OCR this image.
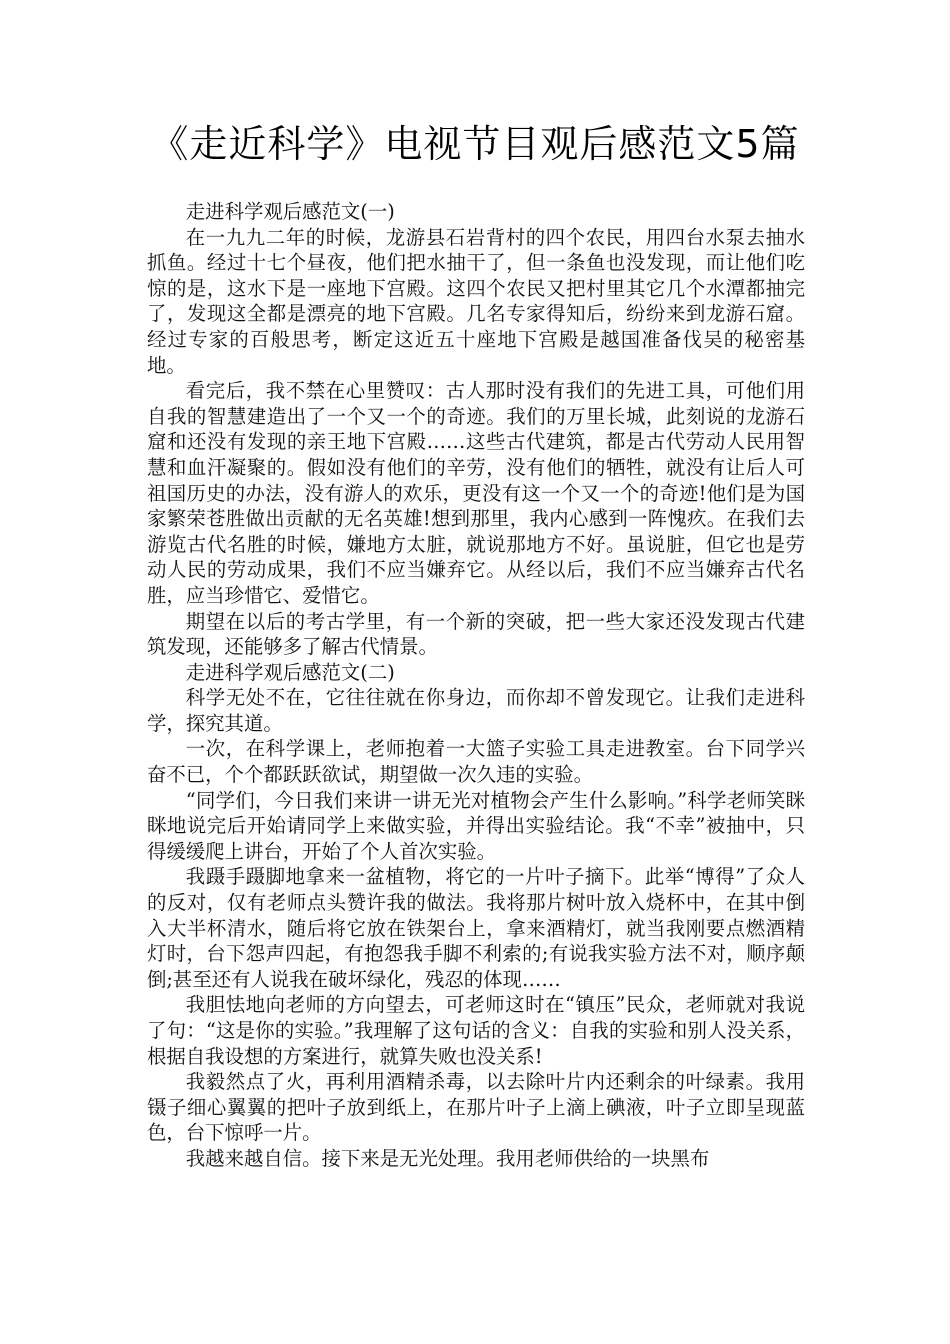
《走近科学》电视节目观后感范文5篇

走进科学观后感范文(一)

在一九九二年的时候，龙游县石岩背村的四个农民，用四台水泵去抽水抓鱼。经过十七个昼夜，他们把水抽干了，但一条鱼也没发现，而让他们吃惊的是，这水下是一座地下宫殿。这四个农民又把村里其它几个水潭都抽完了，发现这全都是漂亮的地下宫殿。几名专家得知后，纷纷来到龙游石窟。经过专家的百般思考，断定这近五十座地下宫殿是越国准备伐吴的秘密基地。

看完后，我不禁在心里赞叹：古人那时没有我们的先进工具，可他们用自我的智慧建造出了一个又一个的奇迹。我们的万里长城，此刻说的龙游石窟和还没有发现的亲王地下宫殿……这些古代建筑，都是古代劳动人民用智慧和血汗凝聚的。假如没有他们的辛劳，没有他们的牺牲，就没有让后人可祖国历史的办法，没有游人的欢乐，更没有这一个又一个的奇迹!他们是为国家繁荣苍胜做出贡献的无名英雄!想到那里，我内心感到一阵愧疚。在我们去游览古代名胜的时候，嫌地方太脏，就说那地方不好。虽说脏，但它也是劳动人民的劳动成果，我们不应当嫌弃它。从经以后，我们不应当嫌弃古代名胜，应当珍惜它、爱惜它。

期望在以后的考古学里，有一个新的突破，把一些大家还没发现古代建筑发现，还能够多了解古代情景。

走进科学观后感范文(二)

科学无处不在，它往往就在你身边，而你却不曾发现它。让我们走进科学，探究其道。

一次，在科学课上，老师抱着一大篮子实验工具走进教室。台下同学兴奋不已，个个都跃跃欲试，期望做一次久违的实验。

“同学们，今日我们来讲一讲无光对植物会产生什么影响。”科学老师笑眯眯地说完后开始请同学上来做实验，并得出实验结论。我“不幸”被抽中，只得缓缓爬上讲台，开始了个人首次实验。

我蹑手蹑脚地拿来一盆植物，将它的一片叶子摘下。此举“博得”了众人的反对，仅有老师点头赞许我的做法。我将那片树叶放入烧杯中，在其中倒入大半杯清水，随后将它放在铁架台上，拿来酒精灯，就当我刚要点燃酒精灯时，台下怨声四起，有抱怨我手脚不利索的;有说我实验方法不对，顺序颠倒;甚至还有人说我在破坏绿化，残忍的体现……

我胆怯地向老师的方向望去，可老师这时在“镇压”民众，老师就对我说了句：“这是你的实验。”我理解了这句话的含义：自我的实验和别人没关系，根据自我设想的方案进行，就算失败也没关系!

我毅然点了火，再利用酒精杀毒，以去除叶片内还剩余的叶绿素。我用镊子细心翼翼的把叶子放到纸上，在那片叶子上滴上碘液，叶子立即呈现蓝色，台下惊呼一片。

我越来越自信。接下来是无光处理。我用老师供给的一块黑布
